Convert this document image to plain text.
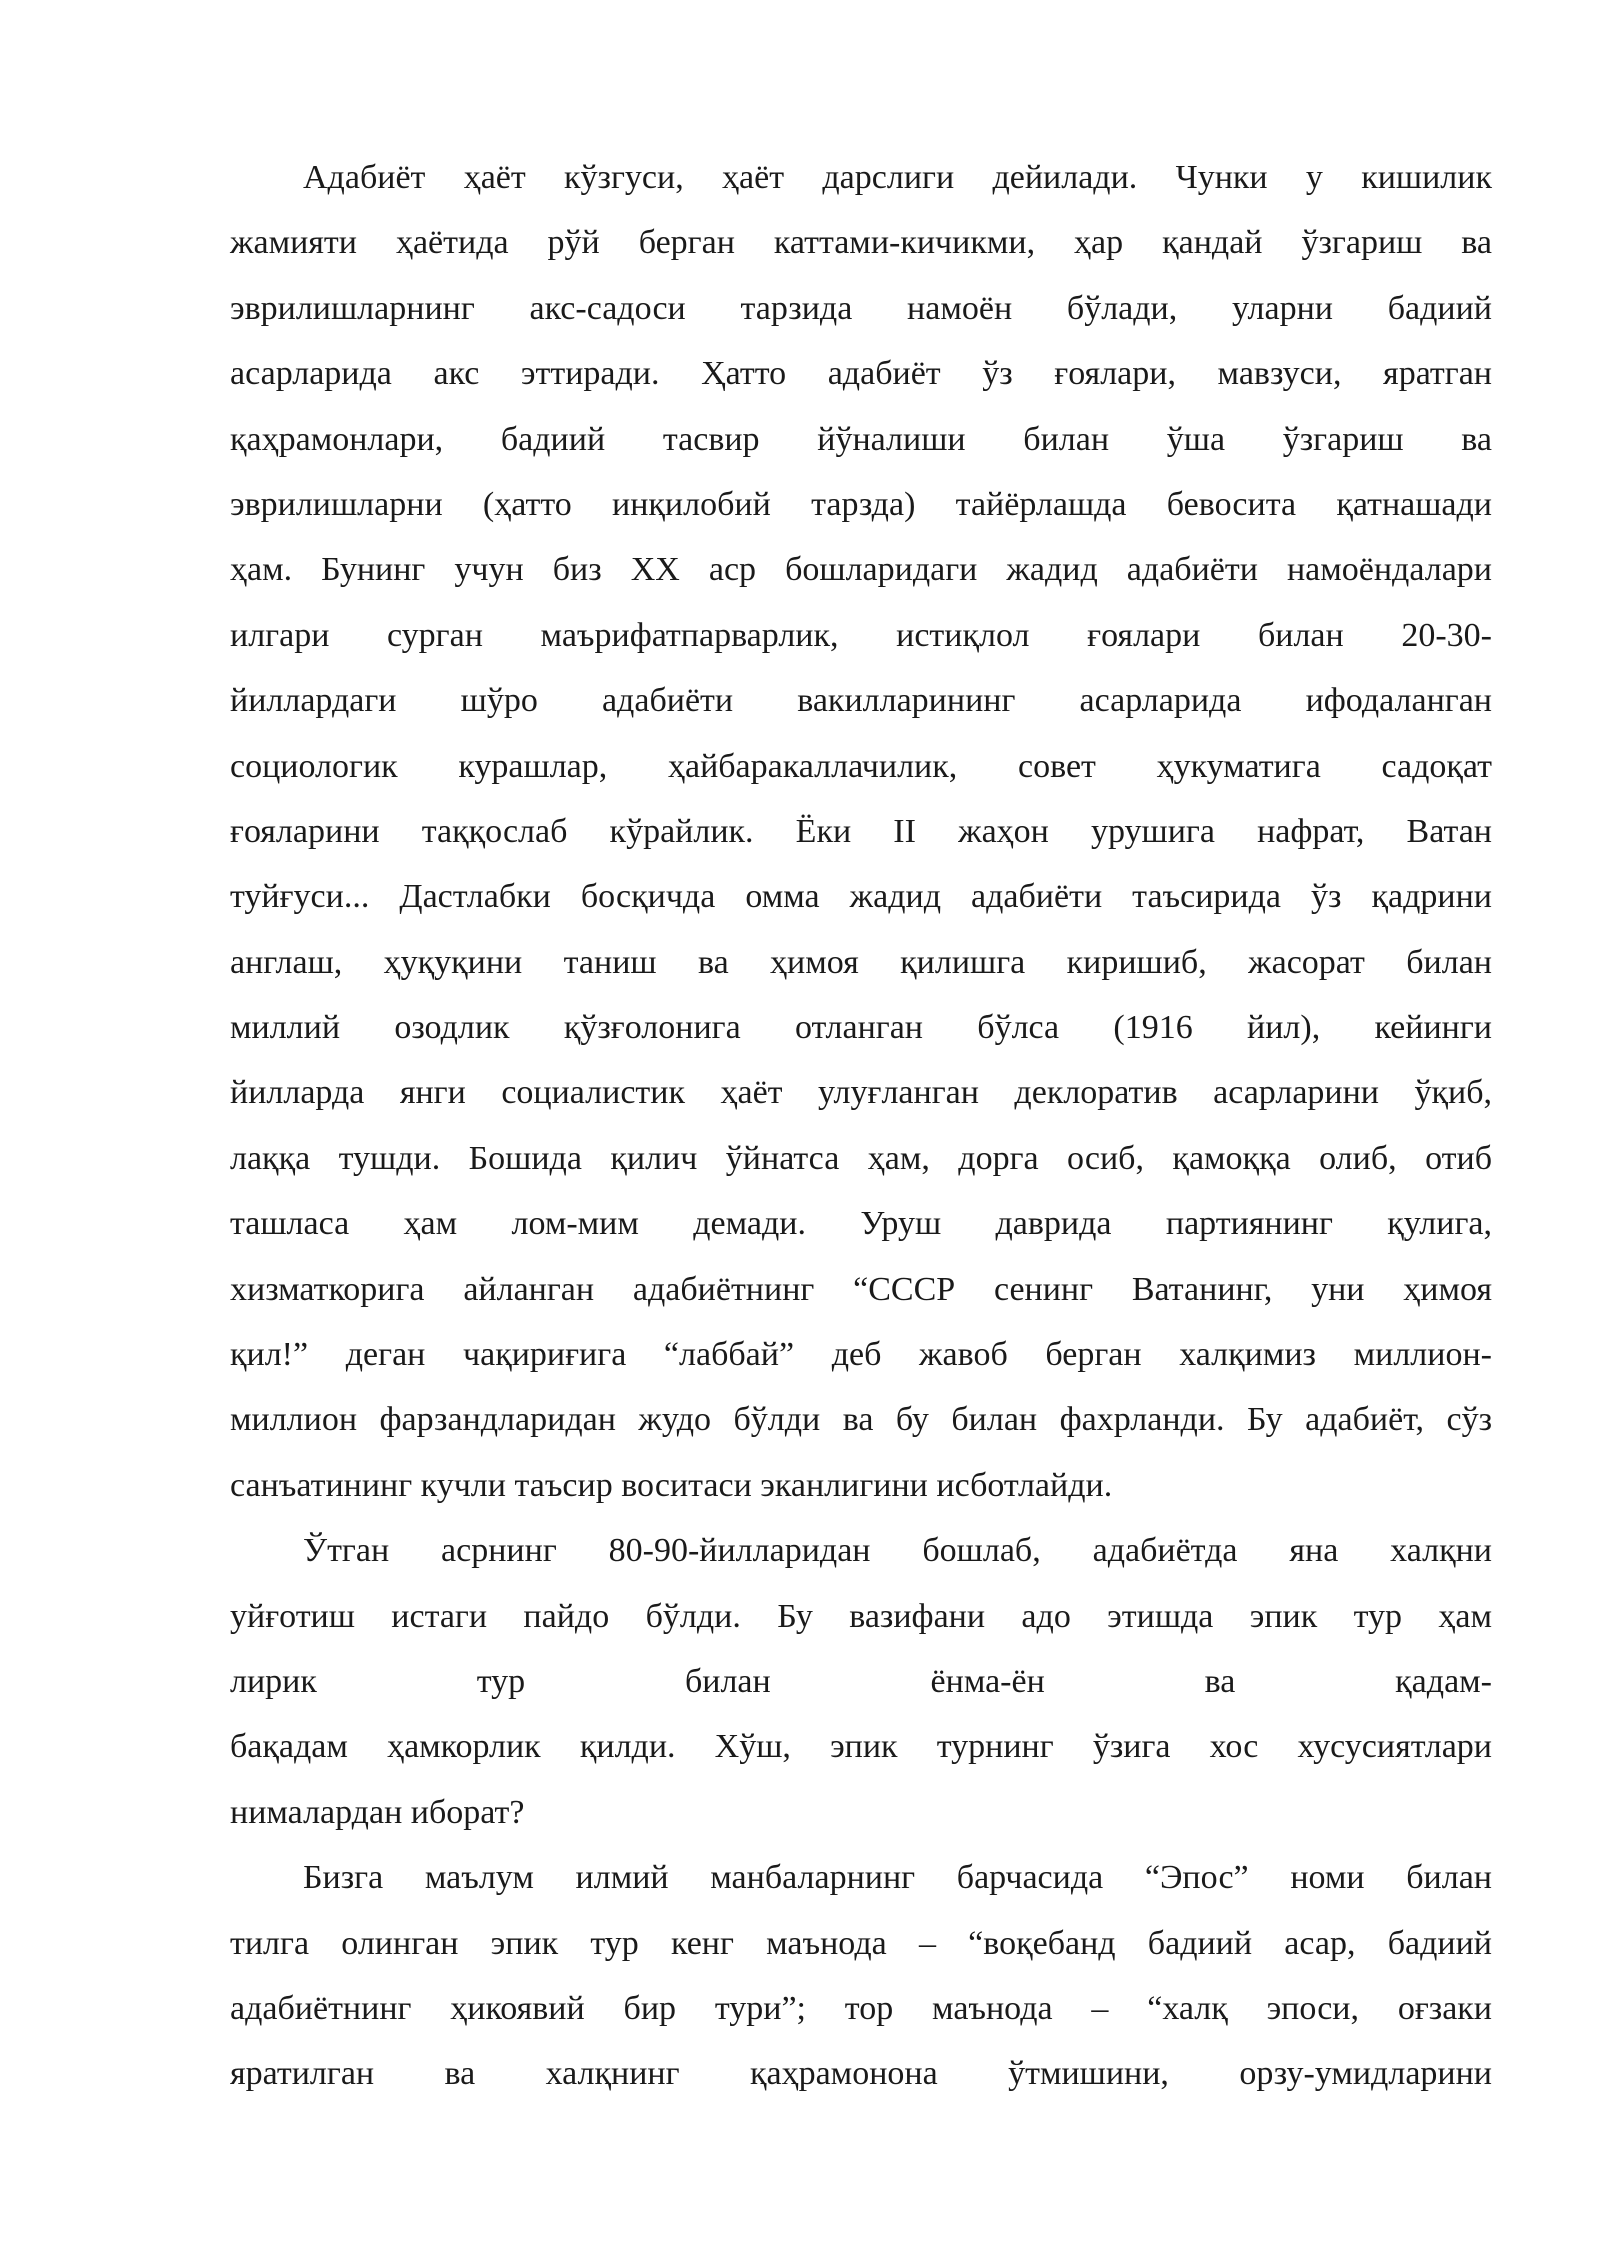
Адабиёт ҳаёт кўзгуси, ҳаёт дарслиги дейилади. Чунки у кишилик
жамияти ҳаётида рўй берган каттами-кичикми, ҳар қандай ўзгариш ва
эврилишларнинг акс-садоси тарзида намоён бўлади, уларни бадиий
асарларида акс эттиради. Ҳатто адабиёт ўз ғоялари, мавзуси, яратган
қаҳрамонлари, бадиий тасвир йўналиши билан ўша ўзгариш ва
эврилишларни (ҳатто инқилобий тарзда) тайёрлашда бевосита қатнашади
ҳам. Бунинг учун биз XX аср бошларидаги жадид адабиёти намоёндалари
илгари сурган маърифатпарварлик, истиқлол ғоялари билан 20-30-
йиллардаги шўро адабиёти вакилларининг асарларида ифодаланган
социологик курашлар, ҳайбаракаллачилик, совет ҳукуматига садоқат
ғояларини таққослаб кўрайлик. Ёки II жаҳон урушига нафрат, Ватан
туйғуси... Дастлабки босқичда омма жадид адабиёти таъсирида ўз қадрини
англаш, ҳуқуқини таниш ва ҳимоя қилишга киришиб, жасорат билан
миллий озодлик қўзғолонига отланган бўлса (1916 йил), кейинги
йилларда янги социалистик ҳаёт улуғланган деклоратив асарларини ўқиб,
лаққа тушди. Бошида қилич ўйнатса ҳам, дорга осиб, қамоққа олиб, отиб
ташласа ҳам лом-мим демади. Уруш даврида партиянинг қулига,
хизматкорига айланган адабиётнинг “СССР сенинг Ватанинг, уни ҳимоя
қил!” деган чақириғига “лаббай” деб жавоб берган халқимиз миллион-
миллион фарзандларидан жудо бўлди ва бу билан фахрланди. Бу адабиёт, сўз
санъатининг кучли таъсир воситаси эканлигини исботлайди.
Ўтган асрнинг 80-90-йилларидан бошлаб, адабиётда яна халқни
уйғотиш истаги пайдо бўлди. Бу вазифани адо этишда эпик тур ҳам
лирик тур билан ёнма-ён ва қадам-
бақадам ҳамкорлик қилди. Хўш, эпик турнинг ўзига хос хусусиятлари
нималардан иборат?
Бизга маълум илмий манбаларнинг барчасида “Эпос” номи билан
тилга олинган эпик тур кенг маънода – “воқебанд бадиий асар, бадиий
адабиётнинг ҳикоявий бир тури”; тор маънода – “халқ эпоси, оғзаки
яратилган ва халқнинг қаҳрамонона ўтмишини, орзу-умидларини
